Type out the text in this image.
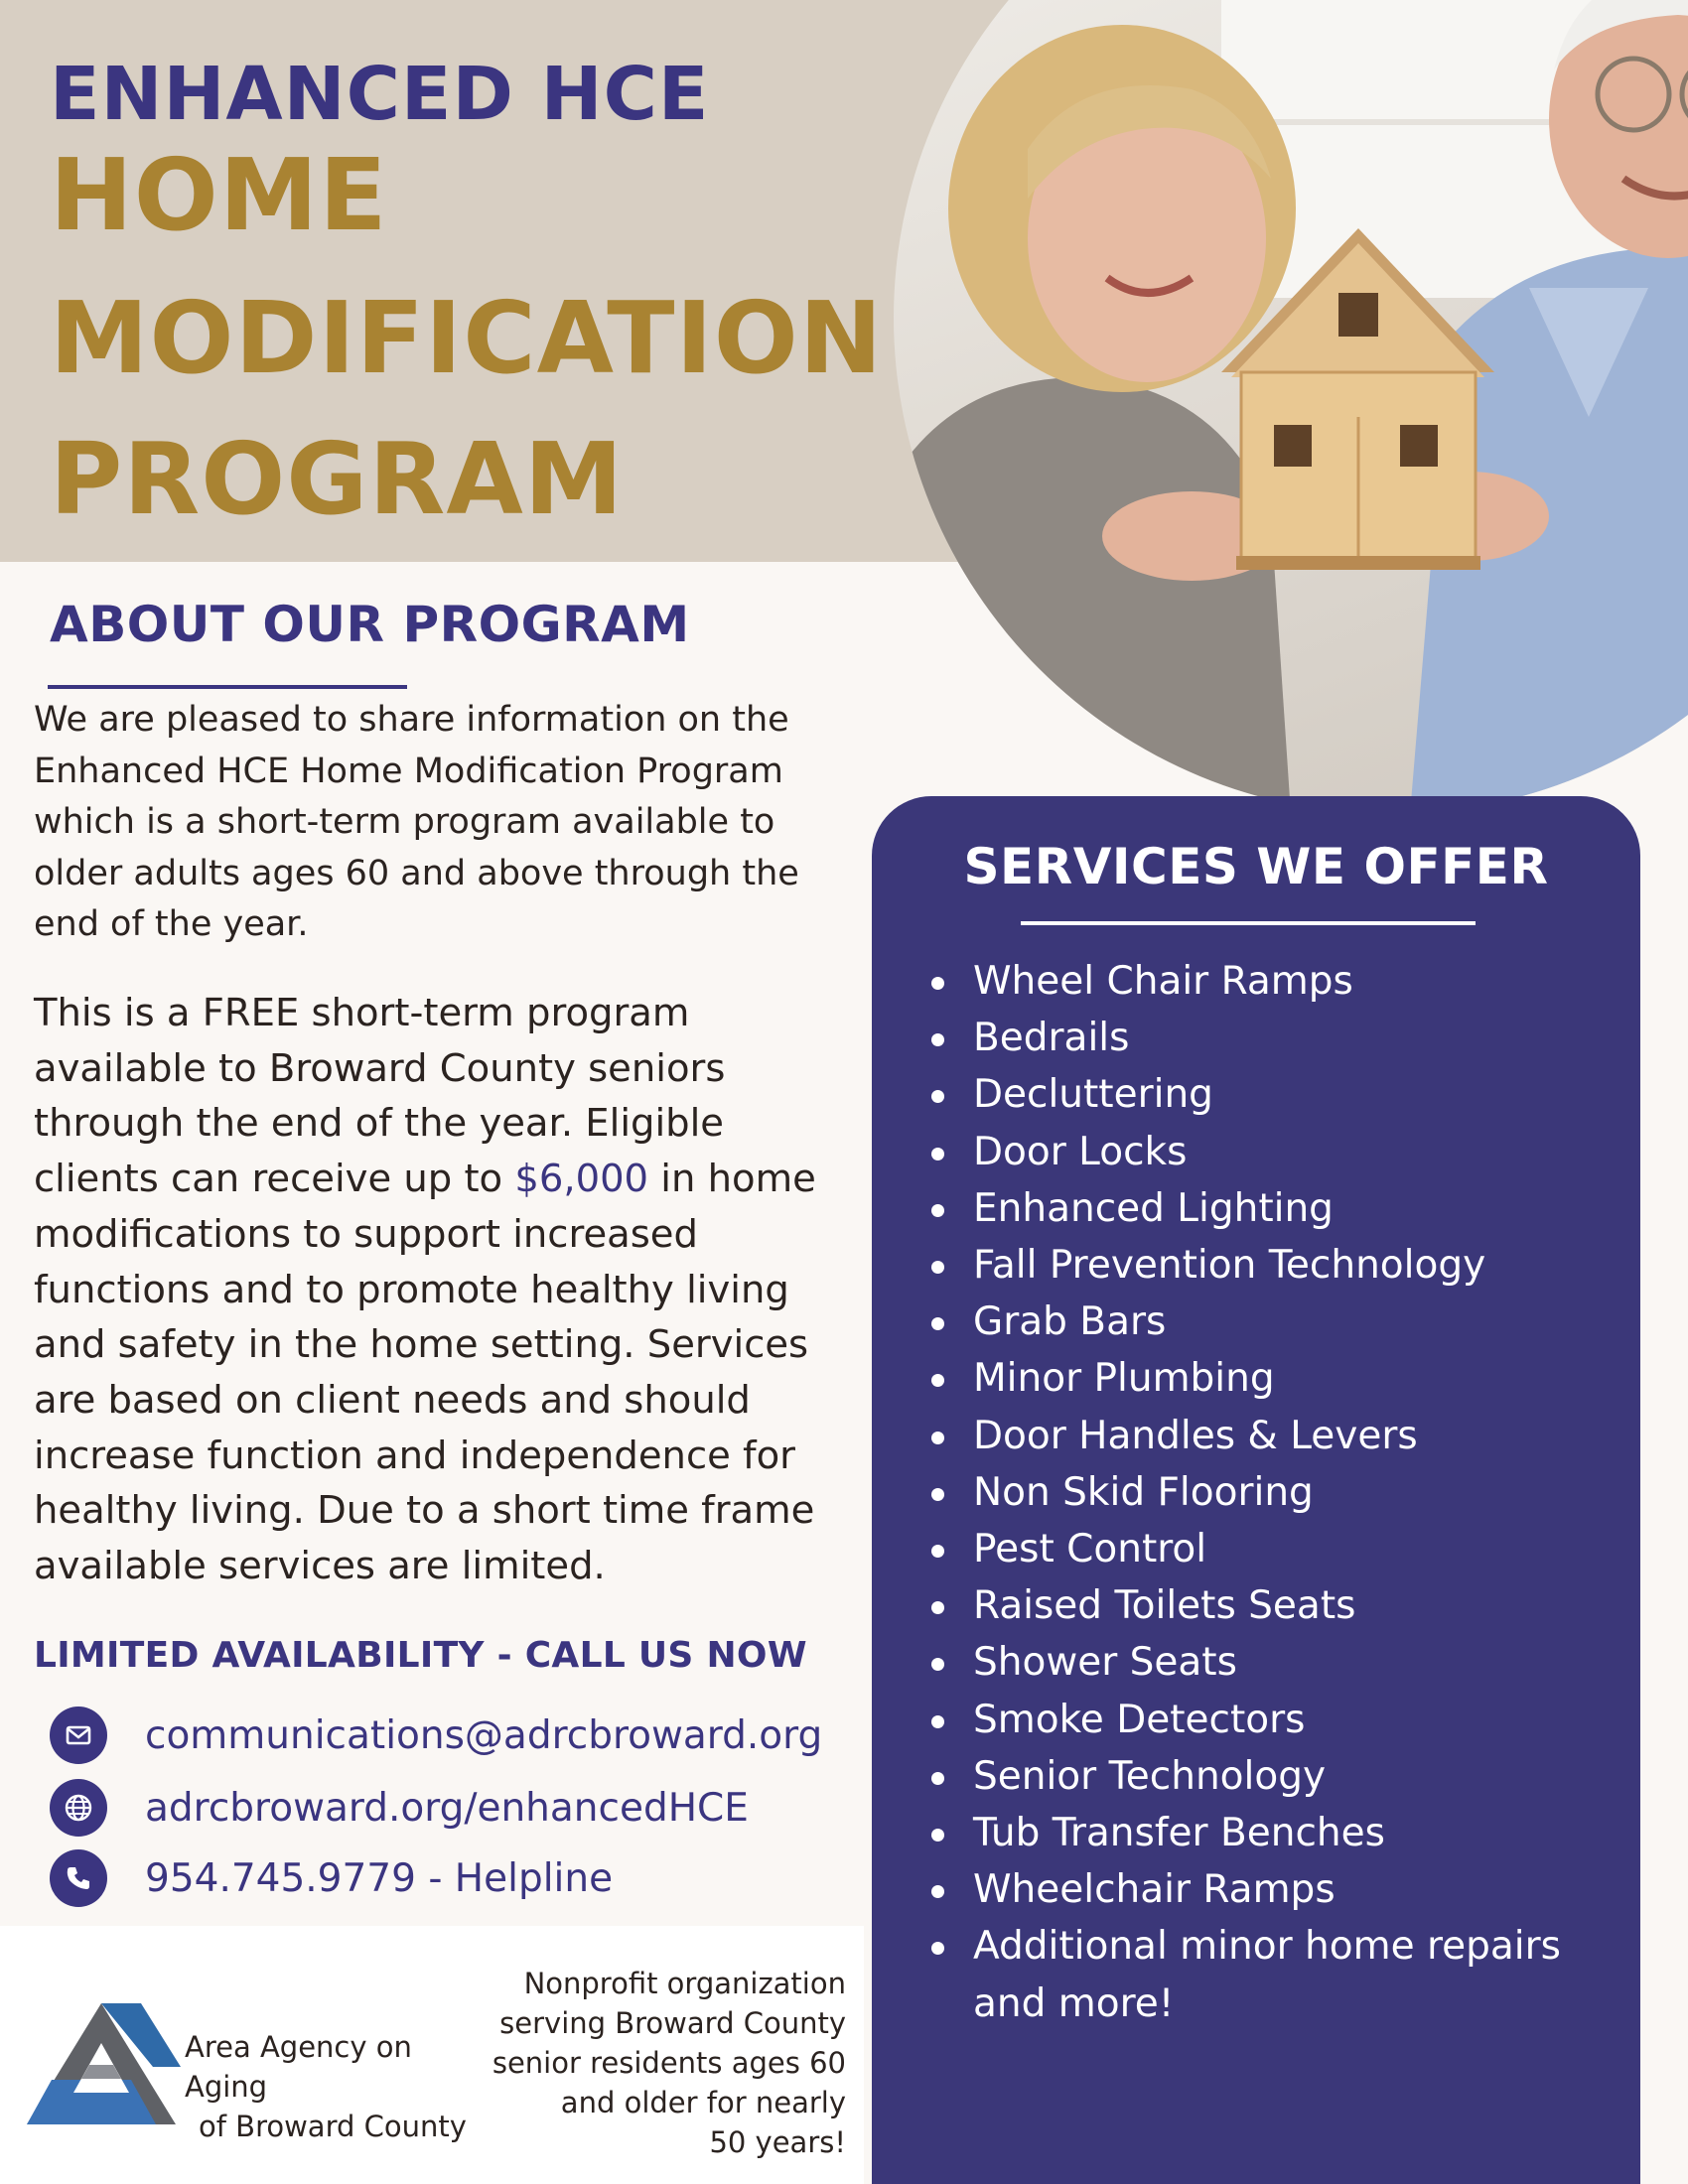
ENHANCED HCE
HOME
MODIFICATION
PROGRAM
ABOUT OUR PROGRAM

We are pleased to share information on the Enhanced HCE Home Modification Program which is a short-term program available to older adults ages 60 and above through the end of the year.

This is a FREE short-term program available to Broward County seniors through the end of the year. Eligible clients can receive up to $6,000 in home modifications to support increased functions and to promote healthy living and safety in the home setting. Services are based on client needs and should increase function and independence for healthy living. Due to a short time frame available services are limited.

LIMITED AVAILABILITY - CALL US NOW
communications@adrcbroward.org
adrcbroward.org/enhancedHCE
954.745.9779 - Helpline
Area Agency on Aging
of Broward County
Nonprofit organization
serving Broward County
senior residents ages 60
and older for nearly
50 years!
SERVICES WE OFFER
Wheel Chair Ramps
Bedrails
Decluttering
Door Locks
Enhanced Lighting
Fall Prevention Technology
Grab Bars
Minor Plumbing
Door Handles & Levers
Non Skid Flooring
Pest Control
Raised Toilets Seats
Shower Seats
Smoke Detectors
Senior Technology
Tub Transfer Benches
Wheelchair Ramps
Additional minor home repairs and more!
